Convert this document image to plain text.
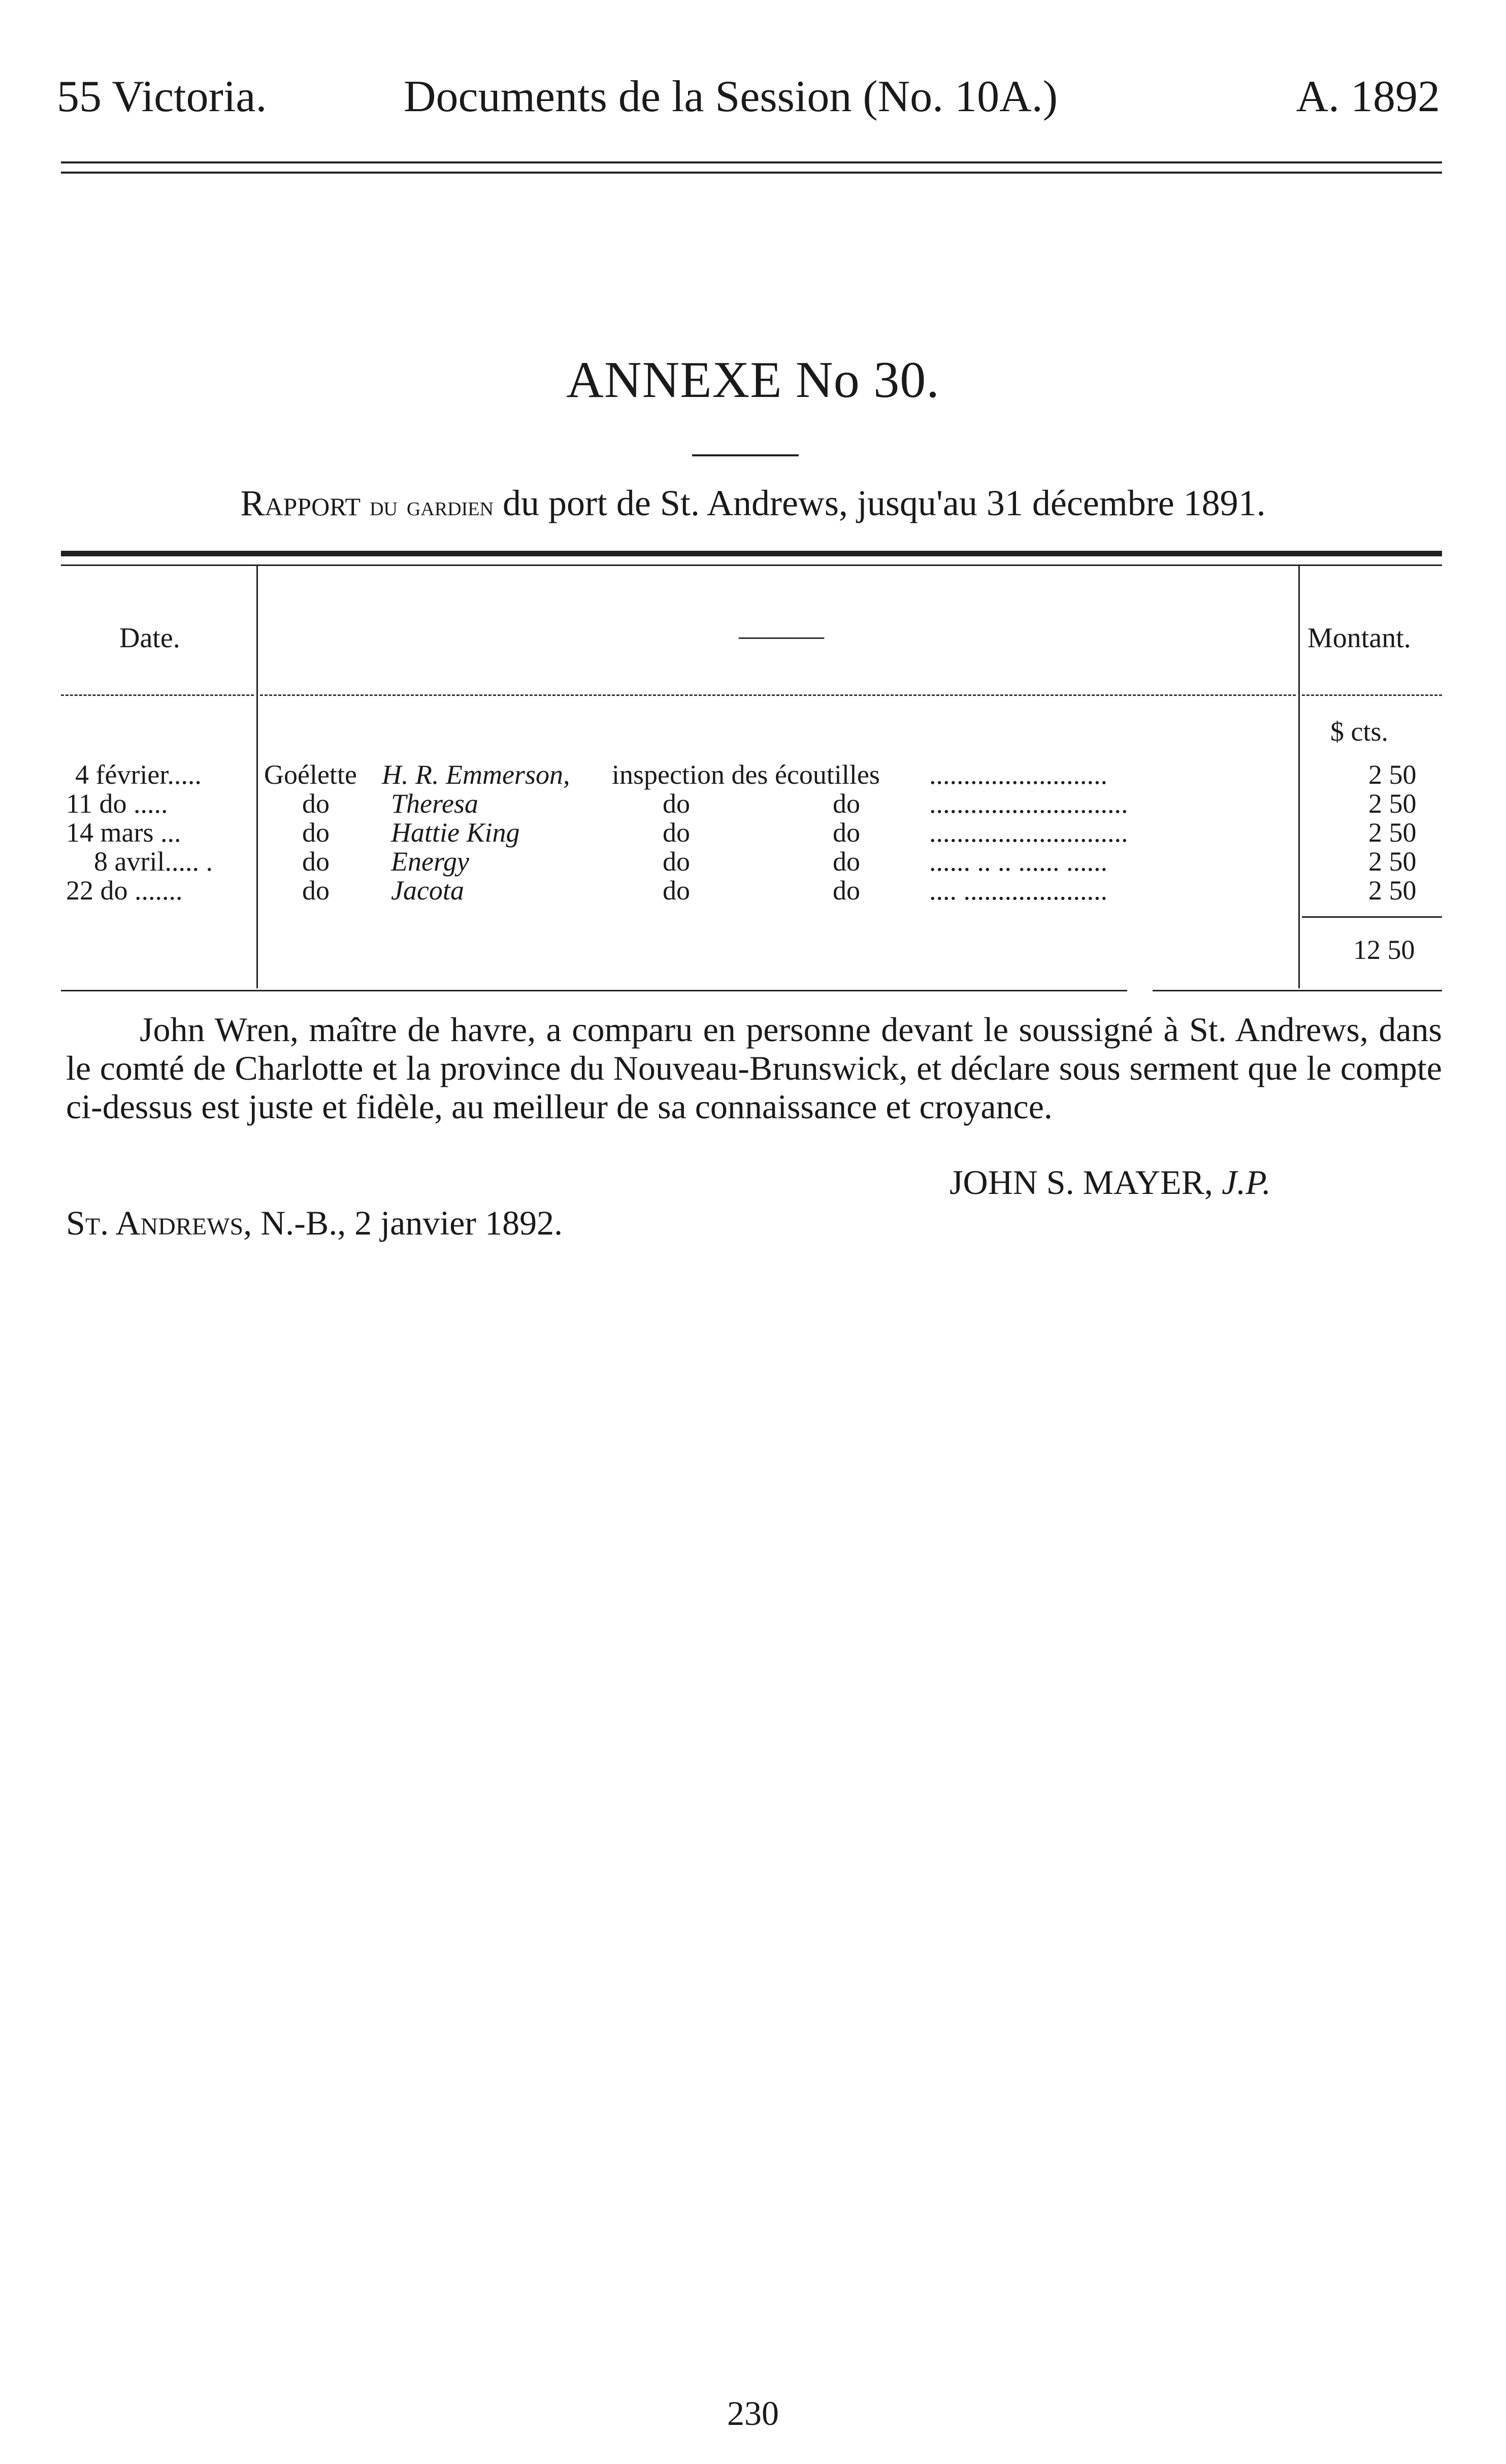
55 Victoria.	Documents de la Session (No. 10A.)	A. 1892
ANNEXE No 30.
Rapport du gardien du port de St. Andrews, jusqu'au 31 décembre 1891.
Date.	———	Montant.
$ cts.
4 février..... Goélette H. R. Emmerson, inspection des écoutilles ..........................	2 50
11 do .....	do Theresa	do	do	.............................	2 50
14 mars ...	do Hattie King	do	do	.............................	2 50
8 avril..... .	do Energy	do	do	...... .. .. ...... ......	2 50
22 do .......	do Jacota	do	do	.... .....................	2 50
12 50
John Wren, maître de havre, a comparu en personne devant le soussigné à St. Andrews, dans le comté de Charlotte et la province du Nouveau-Brunswick, et déclare sous serment que le compte ci-dessus est juste et fidèle, au meilleur de sa connaissance et croyance.
JOHN S. MAYER, J.P.
St. Andrews, N.-B., 2 janvier 1892.
230
